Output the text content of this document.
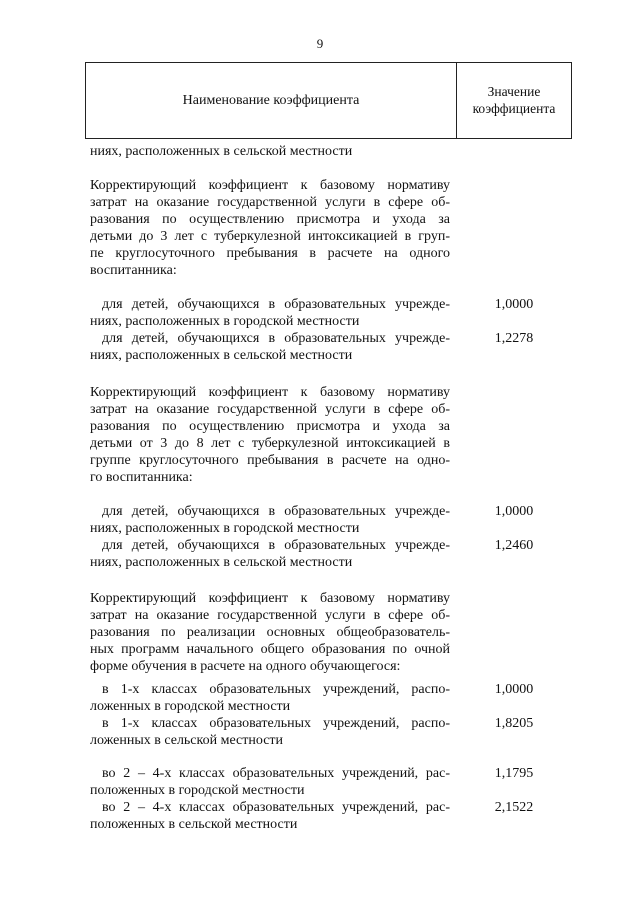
9
Наименование коэффициента
Значение
коэффициента
ниях, расположенных в сельской местности
Корректирующий коэффициент к базовому нормативу
затрат на оказание государственной услуги в сфере об-
разования по осуществлению присмотра и ухода за
детьми до 3 лет с туберкулезной интоксикацией в груп-
пе круглосуточного пребывания в расчете на одного
воспитанника:
для детей, обучающихся в образовательных учрежде-
ниях, расположенных в городской местности
1,0000
для детей, обучающихся в образовательных учрежде-
ниях, расположенных в сельской местности
1,2278
Корректирующий коэффициент к базовому нормативу
затрат на оказание государственной услуги в сфере об-
разования по осуществлению присмотра и ухода за
детьми от 3 до 8 лет с туберкулезной интоксикацией в
группе круглосуточного пребывания в расчете на одно-
го воспитанника:
для детей, обучающихся в образовательных учрежде-
ниях, расположенных в городской местности
1,0000
для детей, обучающихся в образовательных учрежде-
ниях, расположенных в сельской местности
1,2460
Корректирующий коэффициент к базовому нормативу
затрат на оказание государственной услуги в сфере об-
разования по реализации основных общеобразователь-
ных программ начального общего образования по очной
форме обучения в расчете на одного обучающегося:
в 1-х классах образовательных учреждений, распо-
ложенных в городской местности
1,0000
в 1-х классах образовательных учреждений, распо-
ложенных в сельской местности
1,8205
во 2 – 4-х классах образовательных учреждений, рас-
положенных в городской местности
1,1795
во 2 – 4-х классах образовательных учреждений, рас-
положенных в сельской местности
2,1522
